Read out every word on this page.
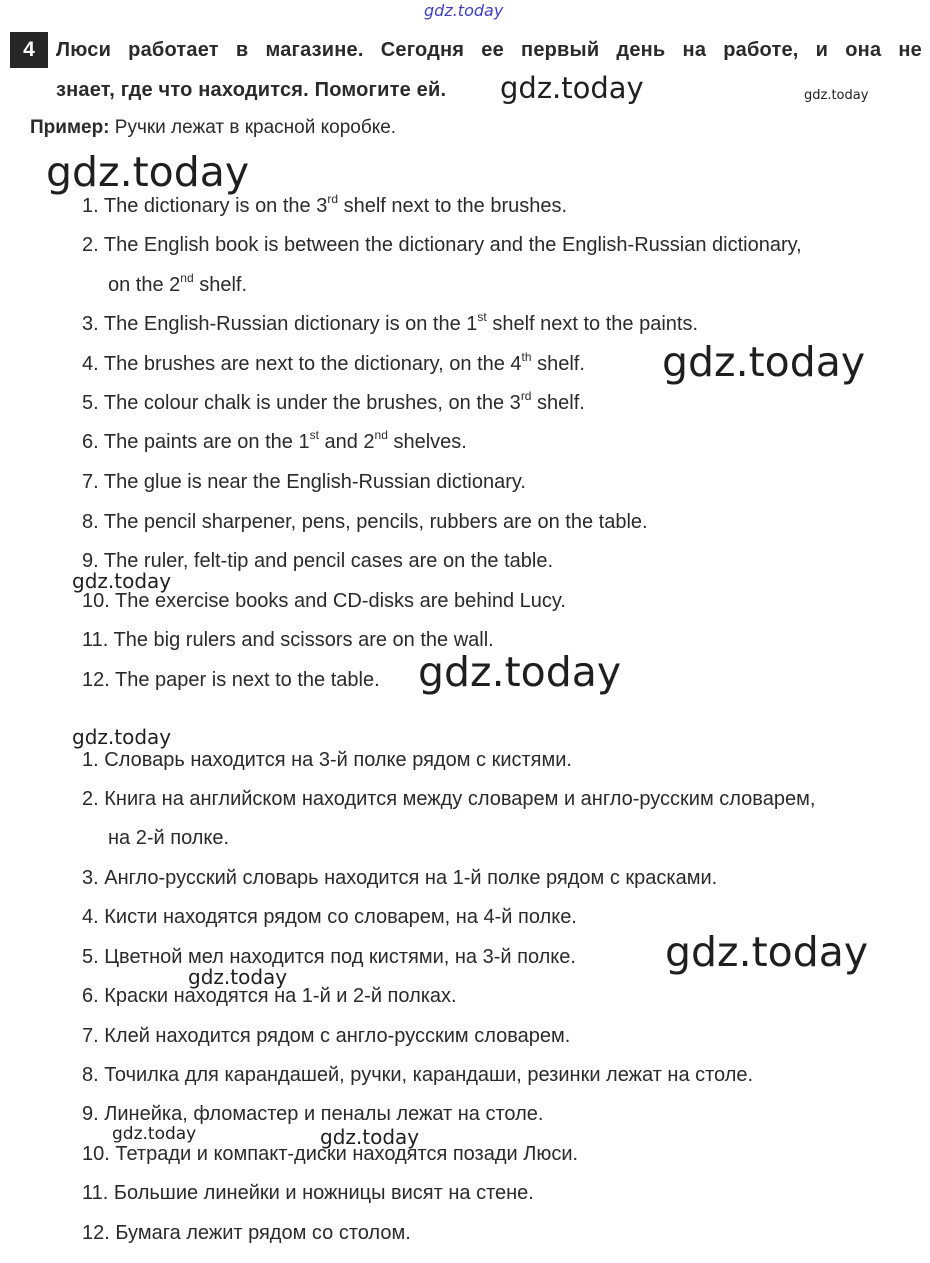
gdz.today
4	Люси работает в магазине. Сегодня ее первый день на работе, и она не
знает, где что находится. Помогите ей.
Пример: Ручки лежат в красной коробке.
1. The dictionary is on the 3rd shelf next to the brushes.
2. The English book is between the dictionary and the English-Russian dictionary,
on the 2nd shelf.
3. The English-Russian dictionary is on the 1st shelf next to the paints.
4. The brushes are next to the dictionary, on the 4th shelf.
5. The colour chalk is under the brushes, on the 3rd shelf.
6. The paints are on the 1st and 2nd shelves.
7. The glue is near the English-Russian dictionary.
8. The pencil sharpener, pens, pencils, rubbers are on the table.
9. The ruler, felt-tip and pencil cases are on the table.
10. The exercise books and CD-disks are behind Lucy.
11. The big rulers and scissors are on the wall.
12. The paper is next to the table.
1. Словарь находится на 3-й полке рядом с кистями.
2. Книга на английском находится между словарем и англо-русским словарем,
на 2-й полке.
3. Англо-русский словарь находится на 1-й полке рядом с красками.
4. Кисти находятся рядом со словарем, на 4-й полке.
5. Цветной мел находится под кистями, на 3-й полке.
6. Краски находятся на 1-й и 2-й полках.
7. Клей находится рядом с англо-русским словарем.
8. Точилка для карандашей, ручки, карандаши, резинки лежат на столе.
9. Линейка, фломастер и пеналы лежат на столе.
10. Тетради и компакт-диски находятся позади Люси.
11. Большие линейки и ножницы висят на стене.
12. Бумага лежит рядом со столом.
gdz.today	gdz.today
gdz.today
gdz.today
gdz.today
gdz.today
gdz.today
gdz.today
gdz.today
gdz.today	gdz.today
